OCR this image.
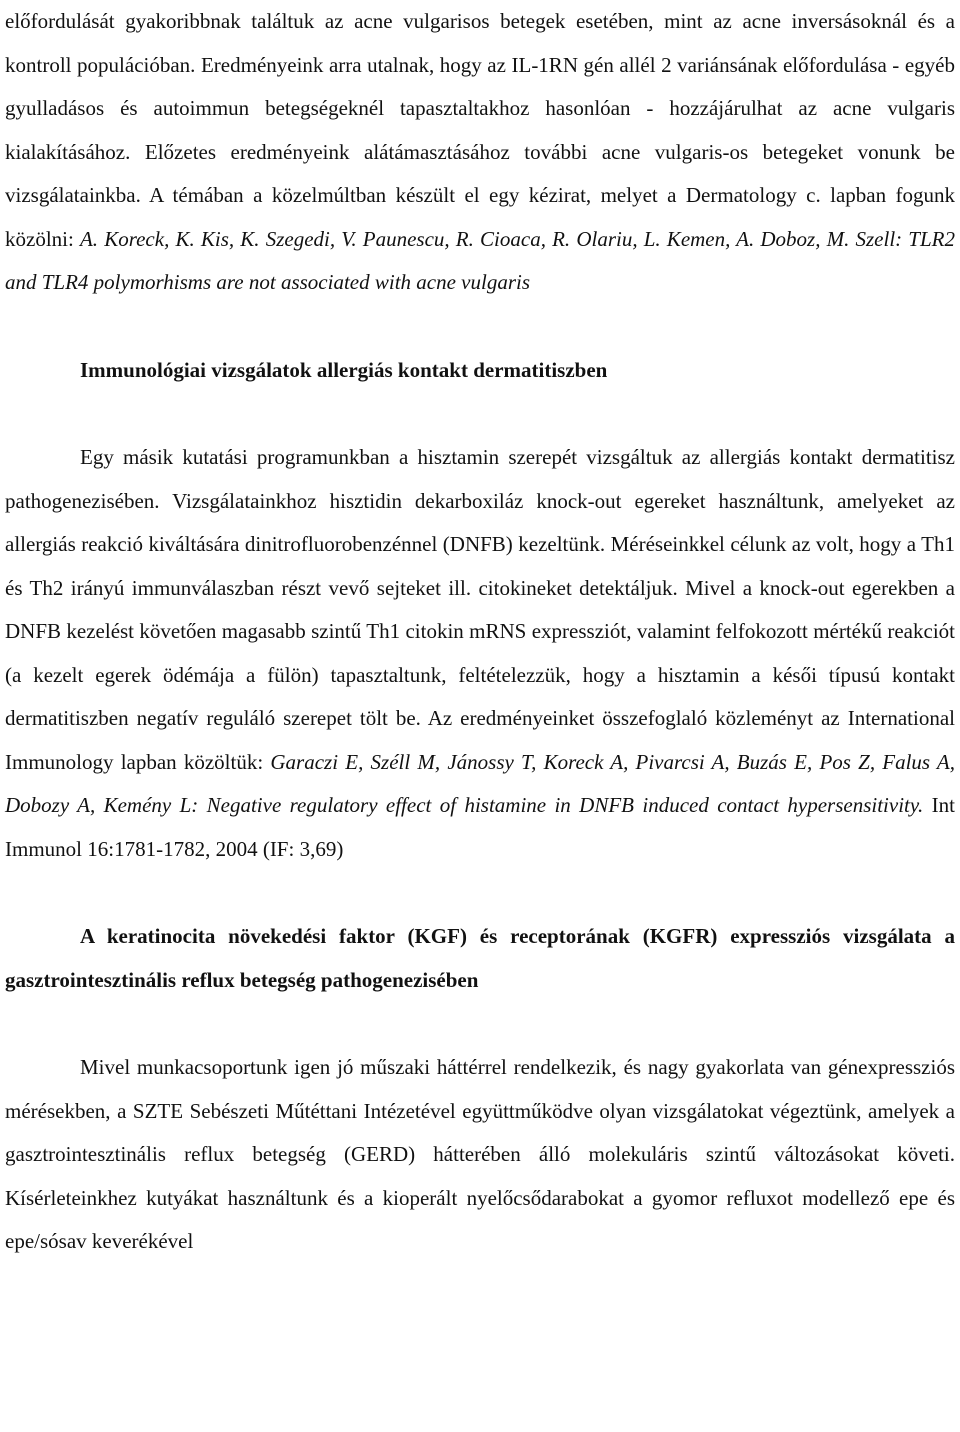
előfordulását gyakoribbnak találtuk az acne vulgarisos betegek esetében, mint az acne inversásoknál és a kontroll populációban. Eredményeink arra utalnak, hogy az IL-1RN gén allél 2 variánsának előfordulása - egyéb gyulladásos és autoimmun betegségeknél tapasztaltakhoz hasonlóan - hozzájárulhat az acne vulgaris kialakításához. Előzetes eredményeink alátámasztásához további acne vulgaris-os betegeket vonunk be vizsgálatainkba. A témában a közelmúltban készült el egy kézirat, melyet a Dermatology c. lapban fogunk közölni: A. Koreck, K. Kis, K. Szegedi, V. Paunescu, R. Cioaca, R. Olariu, L. Kemen, A. Doboz, M. Szell: TLR2 and TLR4 polymorhisms are not associated with acne vulgaris

Immunológiai vizsgálatok allergiás kontakt dermatitiszben

Egy másik kutatási programunkban a hisztamin szerepét vizsgáltuk az allergiás kontakt dermatitisz pathogenezisében. Vizsgálatainkhoz hisztidin dekarboxiláz knock-out egereket használtunk, amelyeket az allergiás reakció kiváltására dinitrofluorobenzénnel (DNFB) kezeltünk. Méréseinkkel célunk az volt, hogy a Th1 és Th2 irányú immunválaszban részt vevő sejteket ill. citokineket detektáljuk. Mivel a knock-out egerekben a DNFB kezelést követően magasabb szintű Th1 citokin mRNS expressziót, valamint felfokozott mértékű reakciót (a kezelt egerek ödémája a fülön) tapasztaltunk, feltételezzük, hogy a hisztamin a késői típusú kontakt dermatitiszben negatív reguláló szerepet tölt be. Az eredményeinket összefoglaló közleményt az International Immunology lapban közöltük: Garaczi E, Széll M, Jánossy T, Koreck A, Pivarcsi A, Buzás E, Pos Z, Falus A, Dobozy A, Kemény L: Negative regulatory effect of histamine in DNFB induced contact hypersensitivity. Int Immunol 16:1781-1782, 2004 (IF: 3,69)

A keratinocita növekedési faktor (KGF) és receptorának (KGFR) expressziós vizsgálata a gasztrointesztinális reflux betegség pathogenezisében

Mivel munkacsoportunk igen jó műszaki háttérrel rendelkezik, és nagy gyakorlata van génexpressziós mérésekben, a SZTE Sebészeti Műtéttani Intézetével együttműködve olyan vizsgálatokat végeztünk, amelyek a gasztrointesztinális reflux betegség (GERD) hátterében álló molekuláris szintű változásokat követi. Kísérleteinkhez kutyákat használtunk és a kioperált nyelőcsődarabokat a gyomor refluxot modellező epe és epe/sósav keverékével
